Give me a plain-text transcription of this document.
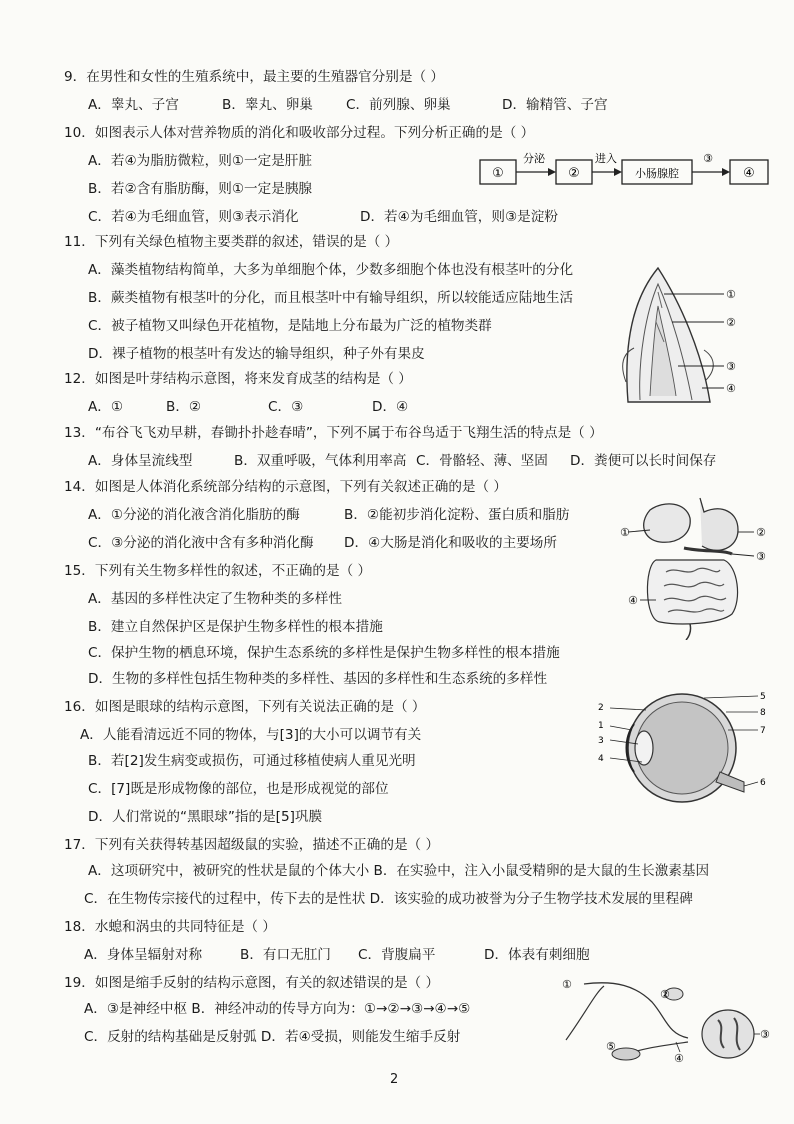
9．在男性和女性的生殖系统中，最主要的生殖器官分别是（ ）
A．睾丸、子宫	B．睾丸、卵巢 C．前列腺、卵巢	D．输精管、子宫
10．如图表示人体对营养物质的消化和吸收部分过程。下列分析正确的是（ ）
A．若④为脂肪微粒，则①一定是肝脏
B．若②含有脂肪酶，则①一定是胰腺
C．若④为毛细血管，则③表示消化	D．若④为毛细血管，则③是淀粉
①
分泌
②
进入
小肠腺腔
③
④
11．下列有关绿色植物主要类群的叙述，错误的是（ ）
A．藻类植物结构简单，大多为单细胞个体，少数多细胞个体也没有根茎叶的分化
B．蕨类植物有根茎叶的分化，而且根茎叶中有输导组织，所以较能适应陆地生活
C．被子植物又叫绿色开花植物，是陆地上分布最为广泛的植物类群
D．裸子植物的根茎叶有发达的输导组织，种子外有果皮
①
②
③
④
12．如图是叶芽结构示意图，将来发育成茎的结构是（ ）
A．①	B．②	C．③	D．④
13．“布谷飞飞劝早耕，春锄扑扑趁春晴”，下列不属于布谷鸟适于飞翔生活的特点是（ ）
A．身体呈流线型	B．双重呼吸，气体利用率高 C．骨骼轻、薄、坚固 D．粪便可以长时间保存
14．如图是人体消化系统部分结构的示意图，下列有关叙述正确的是（ ）
A．①分泌的消化液含消化脂肪的酶	B．②能初步消化淀粉、蛋白质和脂肪
C．③分泌的消化液中含有多种消化酶 D．④大肠是消化和吸收的主要场所
①	②
③
④
15．下列有关生物多样性的叙述，不正确的是（ ）
A．基因的多样性决定了生物种类的多样性
B．建立自然保护区是保护生物多样性的根本措施
C．保护生物的栖息环境，保护生态系统的多样性是保护生物多样性的根本措施
D．生物的多样性包括生物种类的多样性、基因的多样性和生态系统的多样性
2
1
3
4
5
8
7
6
16．如图是眼球的结构示意图，下列有关说法正确的是（ ）
A．人能看清远近不同的物体，与[3]的大小可以调节有关
B．若[2]发生病变或损伤，可通过移植使病人重见光明
C．[7]既是形成物像的部位，也是形成视觉的部位
D．人们常说的“黑眼球”指的是[5]巩膜
17．下列有关获得转基因超级鼠的实验，描述不正确的是（ ）
A．这项研究中，被研究的性状是鼠的个体大小 B．在实验中，注入小鼠受精卵的是大鼠的生长激素基因
C．在生物传宗接代的过程中，传下去的是性状 D．该实验的成功被誉为分子生物学技术发展的里程碑
18．水螅和涡虫的共同特征是（ ）
A．身体呈辐射对称	B．有口无肛门 C．背腹扁平	D．体表有刺细胞
19．如图是缩手反射的结构示意图，有关的叙述错误的是（ ）
A．③是神经中枢 B．神经冲动的传导方向为：①→②→③→④→⑤
C．反射的结构基础是反射弧 D．若④受损，则能发生缩手反射
①
②
③
④
⑤
2
